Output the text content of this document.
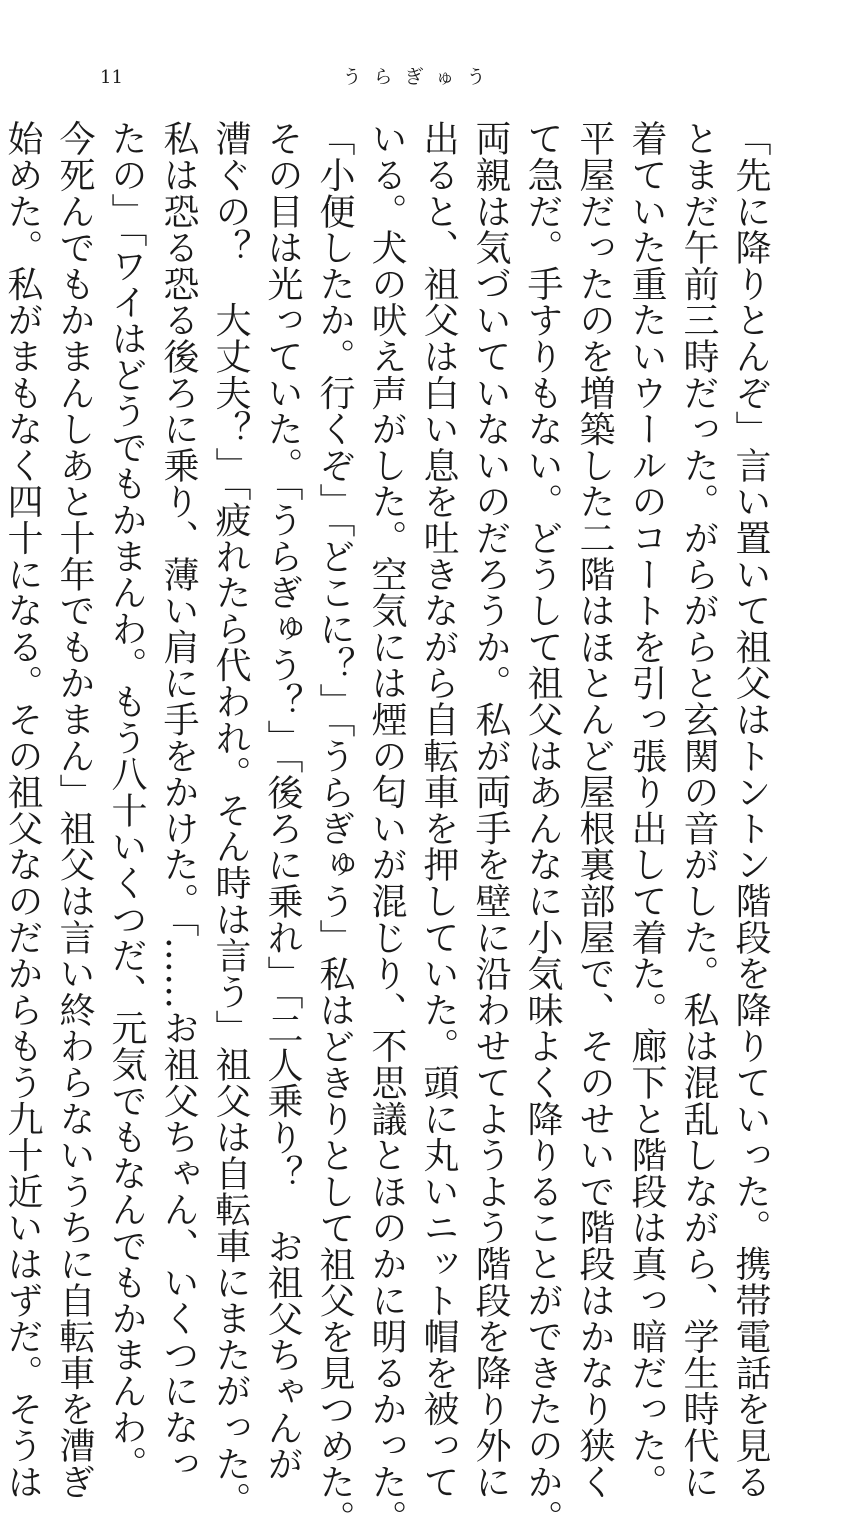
11	うらぎゅう
「先に降りとんぞ」言い置いて祖父はトントン階段を降りていった。携帯電話を見る
とまだ午前三時だった。がらがらと玄関の音がした。私は混乱しながら、学生時代に
着ていた重たいウールのコートを引っ張り出して着た。廊下と階段は真っ暗だった。
平屋だったのを増築した二階はほとんど屋根裏部屋で、そのせいで階段はかなり狭く
て急だ。手すりもない。どうして祖父はあんなに小気味よく降りることができたのか。
両親は気づいていないのだろうか。私が両手を壁に沿わせてようよう階段を降り外に
出ると、祖父は白い息を吐きながら自転車を押していた。頭に丸いニット帽を被って
いる。犬の吠え声がした。空気には煙の匂いが混じり、不思議とほのかに明るかった。
「小便したか。行くぞ」「どこに？」「うらぎゅう」私はどきりとして祖父を見つめた。
その目は光っていた。「うらぎゅう？」「後ろに乗れ」「二人乗り？　お祖父ちゃんが
漕ぐの？　大丈夫？」「疲れたら代われ。そん時は言う」祖父は自転車にまたがった。
私は恐る恐る後ろに乗り、薄い肩に手をかけた。「……お祖父ちゃん、いくつになっ
たの」「ワイはどうでもかまんわ。もう八十いくつだ、元気でもなんでもかまんわ。
今死んでもかまんしあと十年でもかまん」祖父は言い終わらないうちに自転車を漕ぎ
始めた。私がまもなく四十になる。その祖父なのだからもう九十近いはずだ。そうは
